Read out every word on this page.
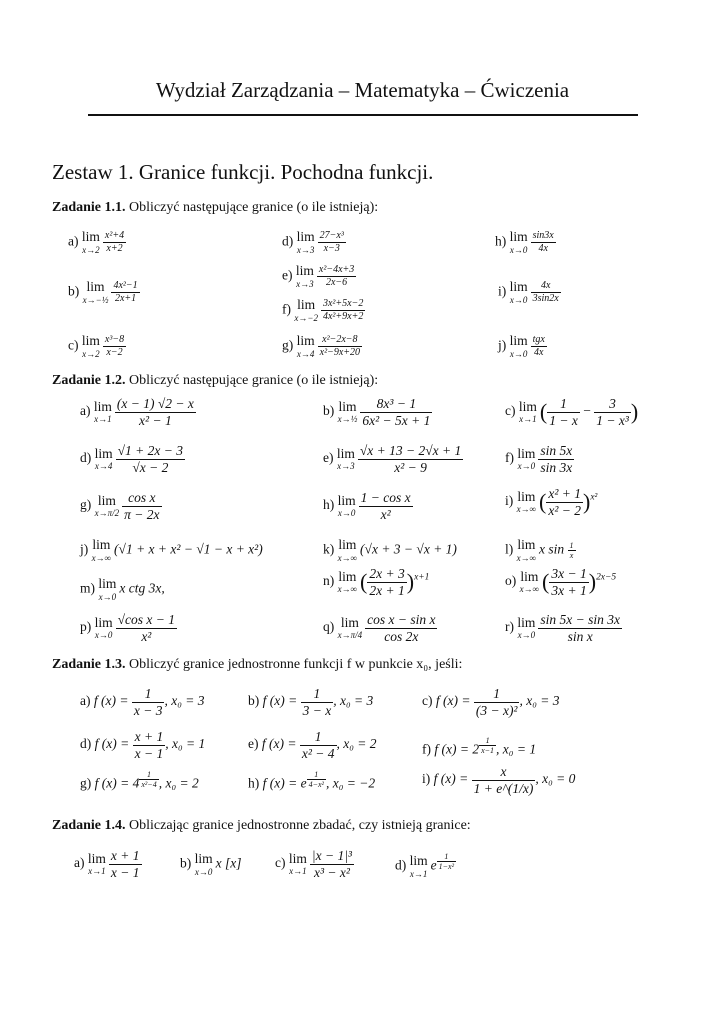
Wydział Zarządzania – Matematyka – Ćwiczenia
Zestaw 1. Granice funkcji. Pochodna funkcji.
Zadanie 1.1. Obliczyć następujące granice (o ile istnieją):
a) lim
$x\to 2 \frac{\text{x²+4}}{x+2}$
b) lim
x→−½ $\frac{\text{4x²−1}}{2x+1}$
c) lim
$x\to 2 \frac{\text{x³−8}}{x-2}$
d) lim
$x\to 3 \frac{\text{27−x³}}{x-3}$
e) lim
$x\to 3 \frac{\text{x²−4x+3}}{2x-6}$
f) lim
$x\to-2 \frac{\text{3x²+5x−2}}{\text{4x²+9x+2}}$
g) lim
$x\to 4 \frac{\text{x²−2x−8}}{\text{x²−9x+20}}$
h) lim
$x\to 0 \frac{\sin 3x}{4x}$
i) lim
$x\to 0 \frac{4x}{3\sin 2x}$
j) lim
$x\to 0 \frac{\text{tgx}}{4x}$
Zadanie 1.2. Obliczyć następujące granice (o ile istnieją):
a) lim
$x\to 1 \frac{(x - 1) √2 - x}{\text{x² − 1}}$	b) lim
x→½ $\frac{\text{8x³ − 1}}{\text{6x² − 5x + 1}}$	c) lim
x→1 ( $\frac{1}{1 - x} - \frac{3}{\text{1 − x³}}$ )
d) lim
$x\to 4 \frac{√1 + 2x - 3}{√x - 2}$	e) lim
$x\to 3 \frac{√x + 13 - 2√x + 1}{\text{x² − 9}}$	f) lim
$x\to 0 \frac{\sin 5x}{\sin 3x}$
g) lim
$x\to\pi/2 \frac{\text{cos x}}{\pi - 2x}$	h) lim
$x\to 0 \frac{\text{1 − cos x}}{\text{x²}}$	i) lim
x→∞ ( $\frac{\text{x² + 1}}{\text{x² − 2}} )^{x^2}$
j) lim
x→∞
(√1 + x + x² − √1 − x + x²)	k) lim
x→∞
(√x + 3 − √x + 1)	l) lim
x→∞
x $\sin \frac{1}{x}$
m) lim
x→0
x ctg 3x,	n) lim
x→∞ ( $\frac{2x + 3}{2x + 1} )^{x+1}$	o) lim
x→∞ ( $\frac{3x - 1}{3x + 1} )^{2x-5}$
p) lim
$x\to 0 \frac{\text{√cos x − 1}}{\text{x²}}$	q) lim
$x\to\pi/4 \frac{\text{cos x − sin x}}{\cos 2x}$	r) lim
$x\to 0 \frac{\sin 5x - \sin 3x}{\text{sin x}}$
Zadanie 1.3. Obliczyć granice jednostronne funkcji f w punkcie x₀, jeśli:
a) f $(x) = \frac{1}{x - 3}$ , x₀ = 3	b) f $(x) = \frac{1}{3 - x}$ , x₀ = 3	c) f $(x) = \frac{1}{\text{(3 − x)²}}$ , x₀ = 3
d) f $(x) = \frac{x + 1}{x - 1}$ , x₀ = 1	e) f $(x) = \frac{1}{\text{x² − 4}}$ , x₀ = 2	f) f (x) = 2 $^{\frac{1}{x-1}}$ , x₀ = 1
g) f (x) = 4 $^{\frac{1}{\text{x²−4}}}$ , x₀ = 2	h) f (x) = e $^{\frac{1}{\text{4−x²}}}$ , x₀ = −2	i) f $(x) = \frac{x}{1 + e\^{}(1/x)}$ , x₀ = 0
Zadanie 1.4. Obliczając granice jednostronne zbadać, czy istnieją granice:
a) lim
$x\to 1 \frac{x + 1}{x - 1}$	b) lim
x→0
x [x] c) lim
$x\to 1 \frac{\text{|x − 1|³}}{\text{x³ − x²}}$	d) lim
x→1
e $^{\frac{1}{\text{1−x²}}}$
